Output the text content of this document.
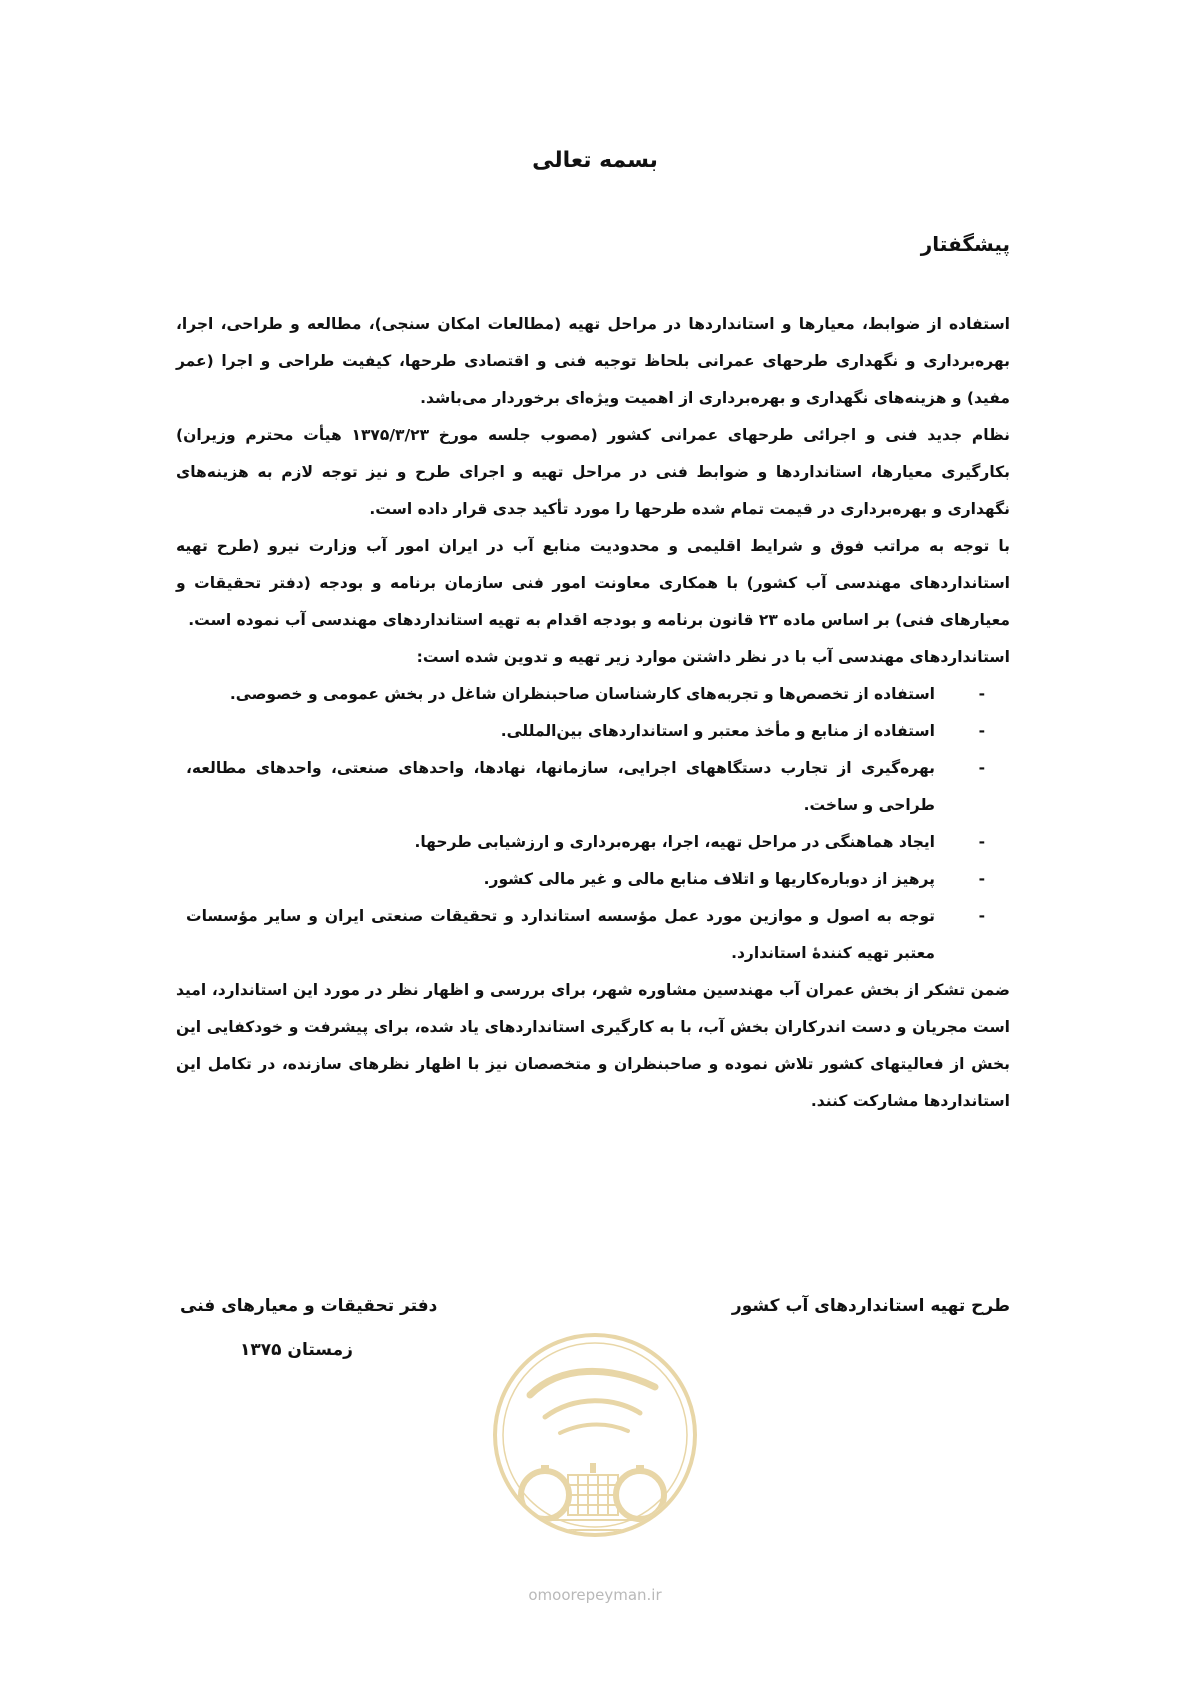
بسمه تعالی
پیشگفتار

استفاده از ضوابط، معیارها و استانداردها در مراحل تهیه (مطالعات امکان سنجی)، مطالعه و طراحی، اجرا، بهره‌برداری و نگهداری طرحهای عمرانی بلحاظ توجیه فنی و اقتصادی طرحها، کیفیت طراحی و اجرا (عمر مفید) و هزینه‌های نگهداری و بهره‌برداری از اهمیت ویژه‌ای برخوردار می‌باشد.

نظام جدید فنی و اجرائی طرحهای عمرانی کشور (مصوب جلسه مورخ ۱۳۷۵/۳/۲۳ هیأت محترم وزیران) بکارگیری معیارها، استانداردها و ضوابط فنی در مراحل تهیه و اجرای طرح و نیز توجه لازم به هزینه‌های نگهداری و بهره‌برداری در قیمت تمام شده طرحها را مورد تأکید جدی قرار داده است.

با توجه به مراتب فوق و شرایط اقلیمی و محدودیت منابع آب در ایران امور آب وزارت نیرو (طرح تهیه استانداردهای مهندسی آب کشور) با همکاری معاونت امور فنی سازمان برنامه و بودجه (دفتر تحقیقات و معیارهای فنی) بر اساس ماده ۲۳ قانون برنامه و بودجه اقدام به تهیه استانداردهای مهندسی آب نموده است.

استانداردهای مهندسی آب با در نظر داشتن موارد زیر تهیه و تدوین شده است:

-
استفاده از تخصص‌ها و تجربه‌های کارشناسان صاحبنظران شاغل در بخش عمومی و خصوصی.
-
استفاده از منابع و مأخذ معتبر و استانداردهای بین‌المللی.
-
بهره‌گیری از تجارب دستگاههای اجرایی، سازمانها، نهادها، واحدهای صنعتی، واحدهای مطالعه، طراحی و ساخت.
-
ایجاد هماهنگی در مراحل تهیه، اجرا، بهره‌برداری و ارزشیابی طرحها.
-
پرهیز از دوباره‌کاریها و اتلاف منابع مالی و غیر مالی کشور.
-
توجه به اصول و موازین مورد عمل مؤسسه استاندارد و تحقیقات صنعتی ایران و سایر مؤسسات معتبر تهیه کنندهٔ استاندارد.

ضمن تشکر از بخش عمران آب مهندسین مشاوره شهر، برای بررسی و اظهار نظر در مورد این استاندارد، امید است مجریان و دست اندرکاران بخش آب، با به کارگیری استانداردهای یاد شده، برای پیشرفت و خودکفایی این بخش از فعالیتهای کشور تلاش نموده و صاحبنظران و متخصصان نیز با اظهار نظرهای سازنده، در تکامل این استانداردها مشارکت کنند.

طرح تهیه استانداردهای آب کشور
دفتر تحقیقات و معیارهای فنی
زمستان ۱۳۷۵
omoorepeyman.ir
